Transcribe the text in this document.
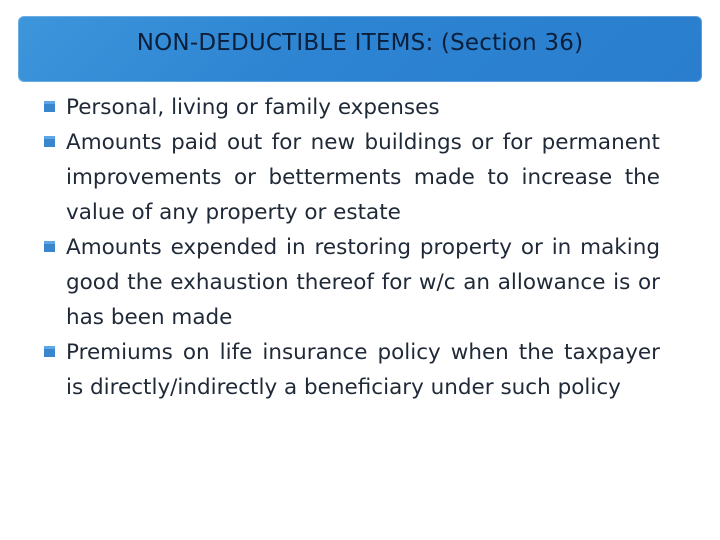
NON-DEDUCTIBLE ITEMS: (Section 36)
Personal, living or family expenses
Amounts paid out for new buildings or for permanent improvements or betterments made to increase the value of any property or estate
Amounts expended in restoring property or in making good the exhaustion thereof for w/c an allowance is or has been made
Premiums on life insurance policy when the taxpayer is directly/indirectly a beneficiary under such policy
